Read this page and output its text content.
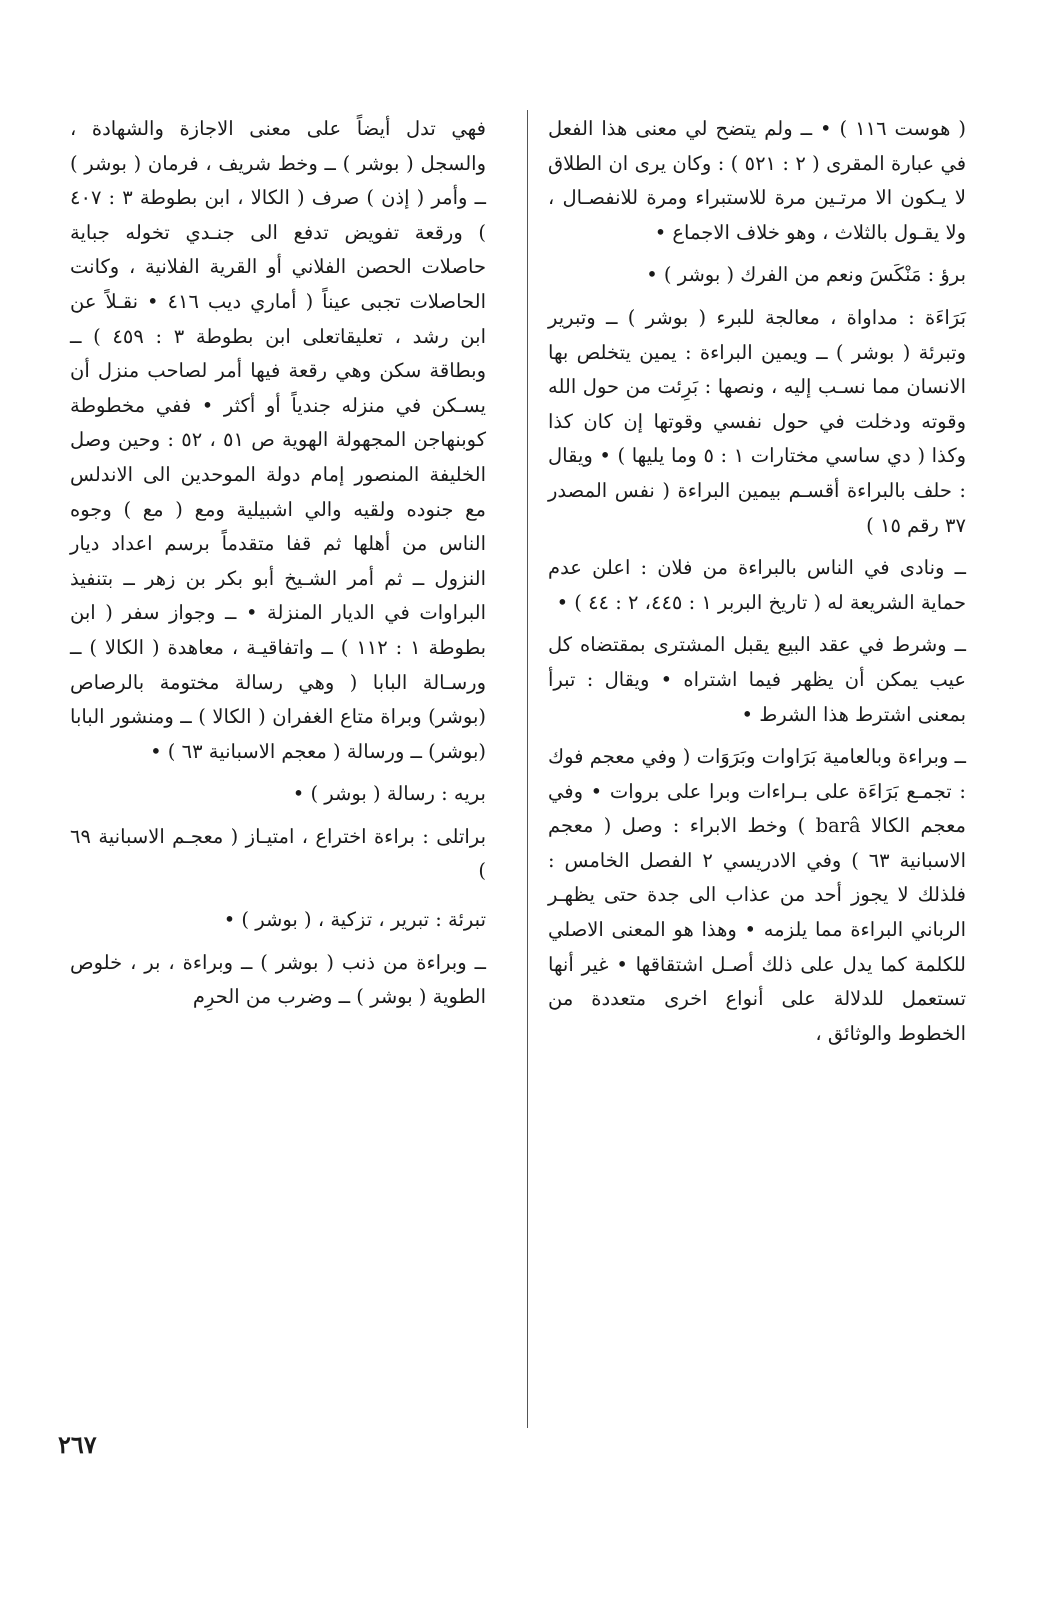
( هوست ١١٦ ) • ــ ولم يتضح لي معنى هذا الفعل في عبارة المقرى ( ٢ : ٥٢١ ) : وكان يرى ان الطلاق لا يـكون الا مرتـين مرة للاستبراء ومرة للانفصـال ، ولا يقـول بالثلاث ، وهو خلاف الاجماع •

برؤ : مَنْكَسَ ونعم من الفرك ( بوشر ) •

بَرَاءَة : مداواة ، معالجة للبرء ( بوشر ) ــ وتبرير وتبرئة ( بوشر ) ــ ويمين البراءة : يمين يتخلص بها الانسان مما نسـب إليه ، ونصها : بَرِئت من حول الله وقوته ودخلت في حول نفسي وقوتها إن كان كذا وكذا ( دي ساسي مختارات ١ : ٥ وما يليها ) • ويقال : حلف بالبراءة أقسـم بيمين البراءة ( نفس المصدر ٣٧ رقم ١٥ )

ــ ونادى في الناس بالبراءة من فلان : اعلن عدم حماية الشريعة له ( تاريخ البربر ١ : ٤٤٥، ٢ : ٤٤ ) •

ــ وشرط في عقد البيع يقبل المشترى بمقتضاه كل عيب يمكن أن يظهر فيما اشتراه • ويقال : تبرأ بمعنى اشترط هذا الشرط •

ــ وبراءة وبالعامية بَرَاوات وبَرَوَات ( وفي معجم فوك : تجمـع بَرَاءَة على بـراءات وبرا على بروات • وفي معجم الكالا barâ ) وخط الابراء : وصل ( معجم الاسبانية ٦٣ ) وفي الادريسي ٢ الفصل الخامس : فلذلك لا يجوز أحد من عذاب الى جدة حتى يظهـر الرباني البراءة مما يلزمه • وهذا هو المعنى الاصلي للكلمة كما يدل على ذلك أصـل اشتقاقها • غير أنها تستعمل للدلالة على أنواع اخرى متعددة من الخطوط والوثائق ،

فهي تدل أيضاً على معنى الاجازة والشهادة ، والسجل ( بوشر ) ــ وخط شريف ، فرمان ( بوشر ) ــ وأمر ( إذن ) صرف ( الكالا ، ابن بطوطة ٣ : ٤٠٧ ) ورقعة تفويض تدفع الى جنـدي تخوله جباية حاصلات الحصن الفلاني أو القرية الفلانية ، وكانت الحاصلات تجبى عيناً ( أماري ديب ٤١٦ • نقـلاً عن ابن رشد ، تعليقاتعلى ابن بطوطة ٣ : ٤٥٩ ) ــ وبطاقة سكن وهي رقعة فيها أمر لصاحب منزل أن يسـكن في منزله جندياً أو أكثر • ففي مخطوطة كوبنهاجن المجهولة الهوية ص ٥١ ، ٥٢ : وحين وصل الخليفة المنصور إمام دولة الموحدين الى الاندلس مع جنوده ولقيه والي اشبيلية ومع ( مع ) وجوه الناس من أهلها ثم قفا متقدماً برسم اعداد ديار النزول ــ ثم أمر الشـيخ أبو بكر بن زهر ــ بتنفيذ البراوات في الديار المنزلة • ــ وجواز سفر ( ابن بطوطة ١ : ١١٢ ) ــ واتفاقيـة ، معاهدة ( الكالا ) ــ ورسـالة البابا ( وهي رسالة مختومة بالرصاص (بوشر) وبراة متاع الغفران ( الكالا ) ــ ومنشور البابا (بوشر) ــ ورسالة ( معجم الاسبانية ٦٣ ) •

بريه : رسالة ( بوشر ) •

براتلى : براءة اختراع ، امتيـاز ( معجـم الاسبانية ٦٩ )

تبرئة : تبرير ، تزكية ، ( بوشر ) •

ــ وبراءة من ذنب ( بوشر ) ــ وبراءة ، بر ، خلوص الطوية ( بوشر ) ــ وضرب من الحرِم

٢٦٧
